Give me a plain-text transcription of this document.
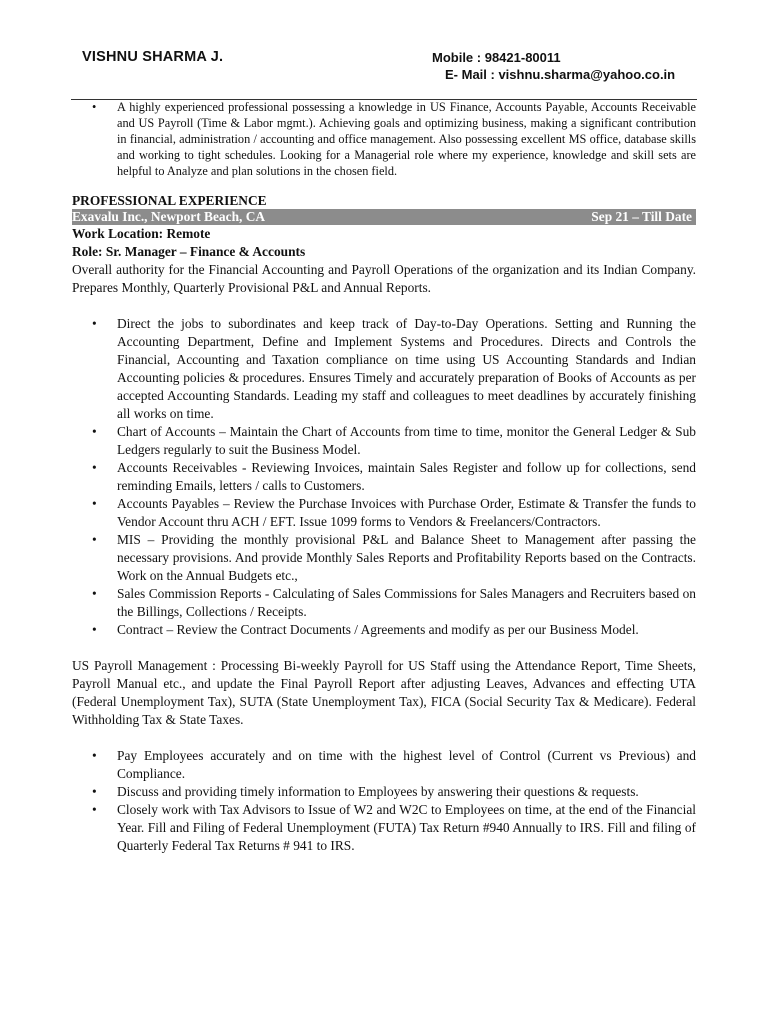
VISHNU SHARMA J.	Mobile : 98421-80011
E- Mail : vishnu.sharma@yahoo.co.in
• A highly experienced professional possessing a knowledge in US Finance, Accounts Payable, Accounts Receivable and US Payroll (Time & Labor mgmt.). Achieving goals and optimizing business, making a significant contribution in financial, administration / accounting and office management. Also possessing excellent MS office, database skills and working to tight schedules. Looking for a Managerial role where my experience, knowledge and skill sets are helpful to Analyze and plan solutions in the chosen field.
PROFESSIONAL EXPERIENCE
Exavalu Inc., Newport Beach, CA	Sep 21 – Till Date
Work Location: Remote
Role: Sr. Manager – Finance & Accounts
Overall authority for the Financial Accounting and Payroll Operations of the organization and its Indian Company. Prepares Monthly, Quarterly Provisional P&L and Annual Reports.
• Direct the jobs to subordinates and keep track of Day-to-Day Operations. Setting and Running the Accounting Department, Define and Implement Systems and Procedures. Directs and Controls the Financial, Accounting and Taxation compliance on time using US Accounting Standards and Indian Accounting policies & procedures. Ensures Timely and accurately preparation of Books of Accounts as per accepted Accounting Standards. Leading my staff and colleagues to meet deadlines by accurately finishing all works on time.
• Chart of Accounts – Maintain the Chart of Accounts from time to time, monitor the General Ledger & Sub Ledgers regularly to suit the Business Model.
• Accounts Receivables - Reviewing Invoices, maintain Sales Register and follow up for collections, send reminding Emails, letters / calls to Customers.
• Accounts Payables – Review the Purchase Invoices with Purchase Order, Estimate & Transfer the funds to Vendor Account thru ACH / EFT. Issue 1099 forms to Vendors & Freelancers/Contractors.
• MIS – Providing the monthly provisional P&L and Balance Sheet to Management after passing the necessary provisions. And provide Monthly Sales Reports and Profitability Reports based on the Contracts. Work on the Annual Budgets etc.,
• Sales Commission Reports - Calculating of Sales Commissions for Sales Managers and Recruiters based on the Billings, Collections / Receipts.
• Contract – Review the Contract Documents / Agreements and modify as per our Business Model.
US Payroll Management : Processing Bi-weekly Payroll for US Staff using the Attendance Report, Time Sheets, Payroll Manual etc., and update the Final Payroll Report after adjusting Leaves, Advances and effecting UTA (Federal Unemployment Tax), SUTA (State Unemployment Tax), FICA (Social Security Tax & Medicare). Federal Withholding Tax & State Taxes.
• Pay Employees accurately and on time with the highest level of Control (Current vs Previous) and Compliance.
• Discuss and providing timely information to Employees by answering their questions & requests.
• Closely work with Tax Advisors to Issue of W2 and W2C to Employees on time, at the end of the Financial Year. Fill and Filing of Federal Unemployment (FUTA) Tax Return #940 Annually to IRS. Fill and filing of Quarterly Federal Tax Returns # 941 to IRS.
